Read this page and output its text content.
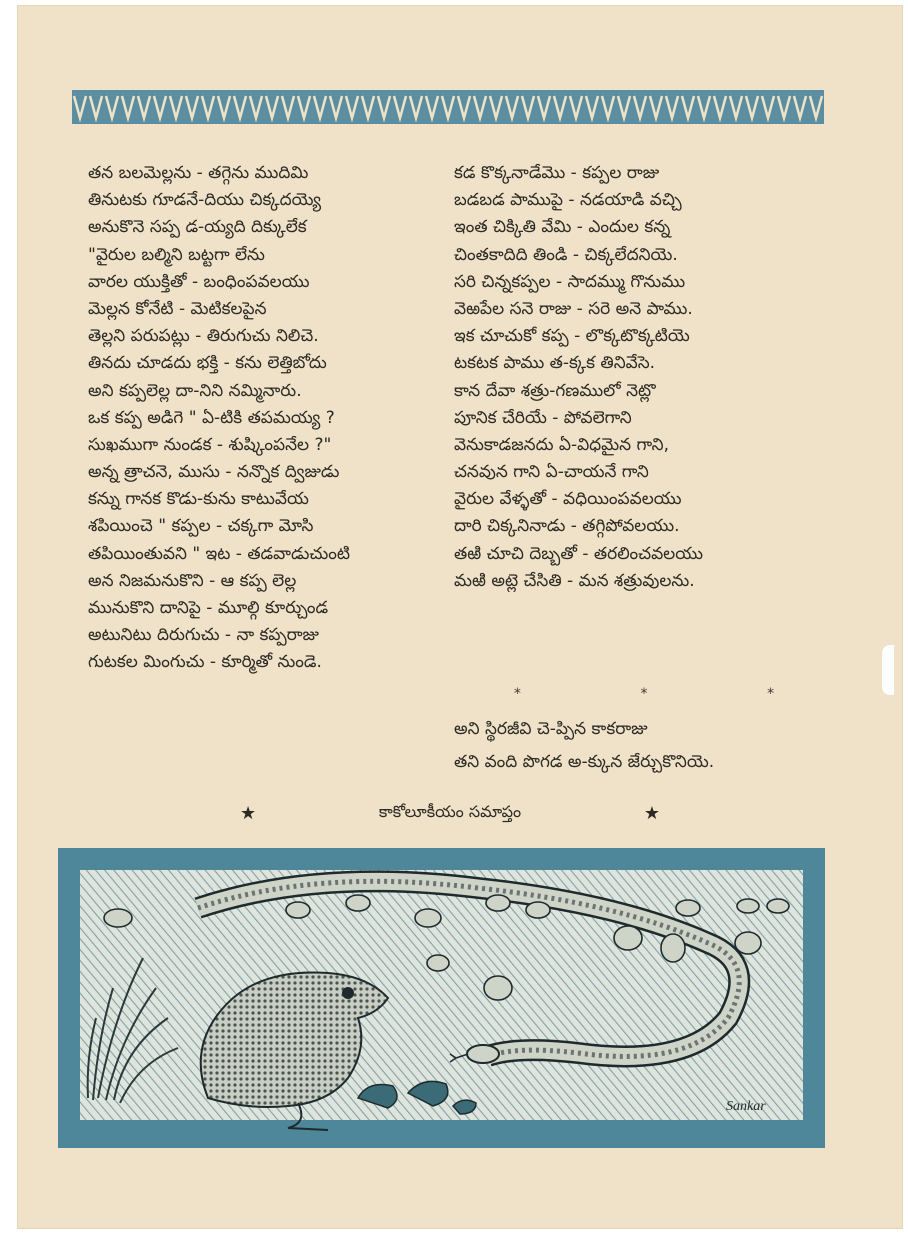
తన బలమెల్లను - తగ్గెను ముదిమి
తినుటకు గూడనే-దియు చిక్కదయ్యె
అనుకొనె సప్ప డ-య్యది దిక్కులేక
"వైరుల బల్మిని బట్టగా లేను
వారల యుక్తితో - బంధింపవలయు
మెల్లన కోనేటి - మెటికలపైన
తెల్లని పరుపట్లు - తిరుగుచు నిలిచె.
తినదు చూడదు భక్తి - కను లెత్తిబోదు
అని కప్పలెల్ల దా-నిని నమ్మినారు.
ఒక కప్ప అడిగె " ఏ-టికి తపమయ్య ?
సుఖముగా నుండక - శుష్కింపనేల ?"
అన్న త్రాచనె, ముసు - నన్నొక ద్విజుడు
కన్ను గానక కొడు-కును కాటువేయ
శపియించె " కప్పల - చక్కగా మోసి
తపియింతువని " ఇట - తడవాడుచుంటి
అన నిజమనుకొని - ఆ కప్ప లెల్ల
మునుకొని దానిపై - మూల్గి కూర్చుండ
అటునిటు దిరుగుచు - నా కప్పరాజు
గుటకల మింగుచు - కూర్మితో నుండె.
కడ కొక్కనాడేమొ - కప్పల రాజు
బడబడ పాముపై - నడయాడి వచ్చి
ఇంత చిక్కితి వేమి - ఎందుల కన్న
చింతకాదిది తిండి - చిక్కలేదనియె.
సరి చిన్నకప్పల - సాదమ్ము గొనుము
వెఱపేల సనె రాజు - సరె అనె పాము.
ఇక చూచుకో కప్ప - లొక్కటొక్కటియె
టకటక పాము త-క్కక తినివేసె.
కాన దేవా శత్రు-గణములో నెట్లొ
పూనిక చేరియే - పోవలెగాని
వెనుకాడజనదు ఏ-విధమైన గాని,
చనవున గాని ఏ-చాయనే గాని
వైరుల వేళ్ళతో - వధియింపవలయు
దారి చిక్కనినాడు - తగ్గిపోవలయు.
తఱి చూచి దెబ్బతో - తరలించవలయు
మఱి అట్లె చేసితి - మన శత్రువులను.
*	*	*
అని స్థిరజీవి చె-ప్పిన కాకరాజు
తని వంది పొగడ అ-క్కున జేర్చుకొనియె.
★	కాకోలూకీయం సమాప్తం	★
Sankar
